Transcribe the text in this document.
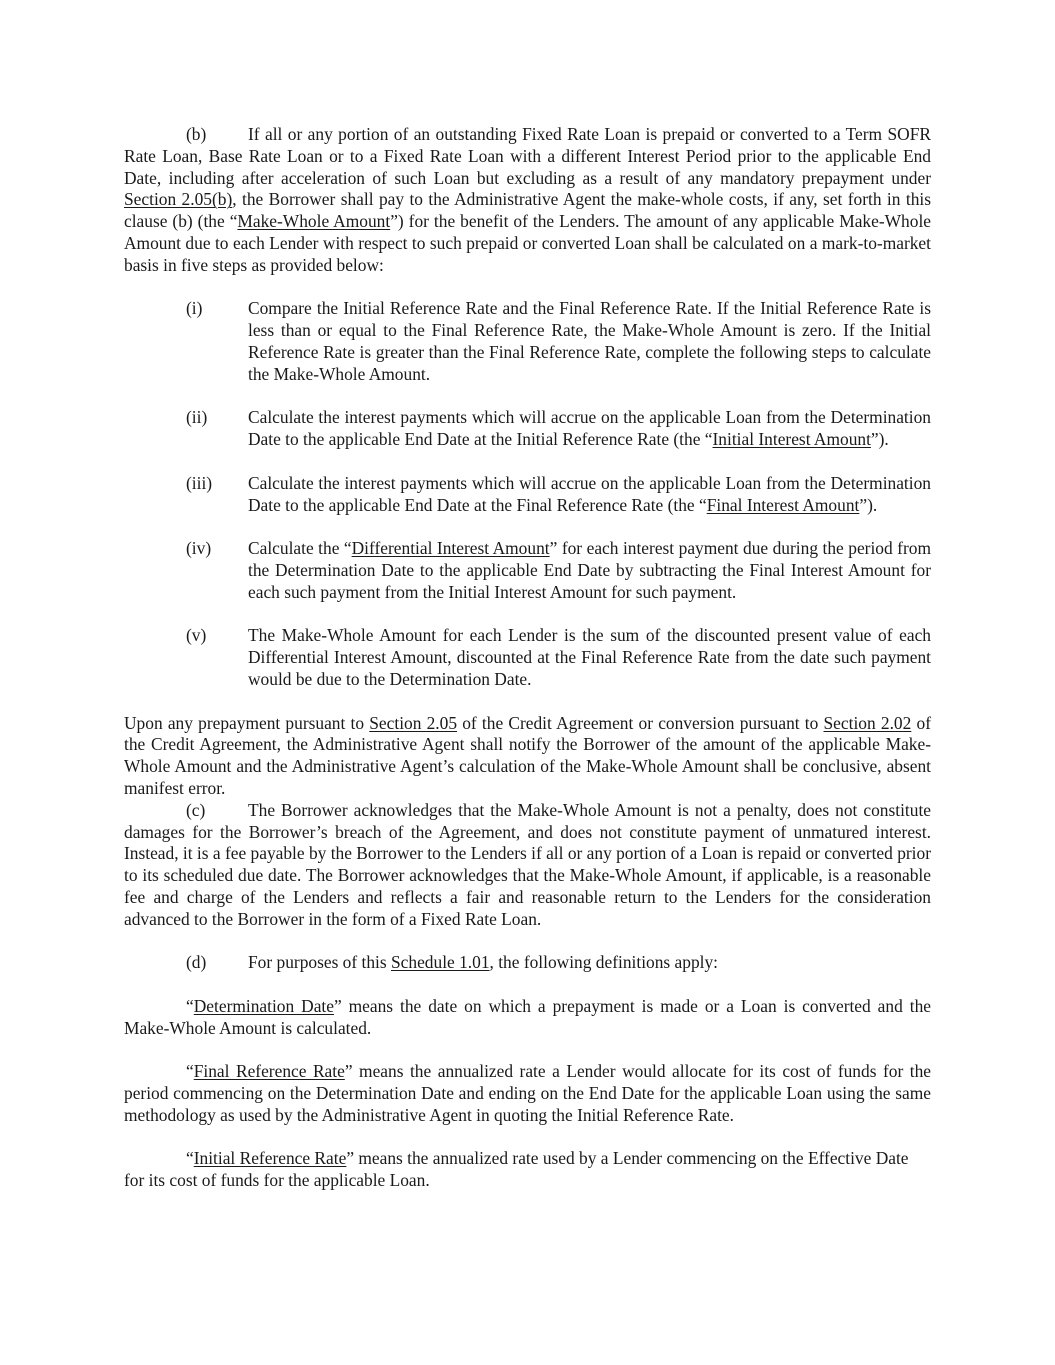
(b) If all or any portion of an outstanding Fixed Rate Loan is prepaid or converted to a Term SOFR Rate Loan, Base Rate Loan or to a Fixed Rate Loan with a different Interest Period prior to the applicable End Date, including after acceleration of such Loan but excluding as a result of any mandatory prepayment under Section 2.05(b), the Borrower shall pay to the Administrative Agent the make-whole costs, if any, set forth in this clause (b) (the “Make-Whole Amount”) for the benefit of the Lenders. The amount of any applicable Make-Whole Amount due to each Lender with respect to such prepaid or converted Loan shall be calculated on a mark-to-market basis in five steps as provided below:

(i)	Compare the Initial Reference Rate and the Final Reference Rate. If the Initial Reference Rate is less than or equal to the Final Reference Rate, the Make-Whole Amount is zero. If the Initial Reference Rate is greater than the Final Reference Rate, complete the following steps to calculate the Make-Whole Amount.
(ii)	Calculate the interest payments which will accrue on the applicable Loan from the Determination Date to the applicable End Date at the Initial Reference Rate (the “Initial Interest Amount”).
(iii)	Calculate the interest payments which will accrue on the applicable Loan from the Determination Date to the applicable End Date at the Final Reference Rate (the “Final Interest Amount”).
(iv)	Calculate the “Differential Interest Amount” for each interest payment due during the period from the Determination Date to the applicable End Date by subtracting the Final Interest Amount for each such payment from the Initial Interest Amount for such payment.
(v)	The Make-Whole Amount for each Lender is the sum of the discounted present value of each Differential Interest Amount, discounted at the Final Reference Rate from the date such payment would be due to the Determination Date.

Upon any prepayment pursuant to Section 2.05 of the Credit Agreement or conversion pursuant to Section 2.02 of the Credit Agreement, the Administrative Agent shall notify the Borrower of the amount of the applicable Make-Whole Amount and the Administrative Agent’s calculation of the Make-Whole Amount shall be conclusive, absent manifest error.

(c) The Borrower acknowledges that the Make-Whole Amount is not a penalty, does not constitute damages for the Borrower’s breach of the Agreement, and does not constitute payment of unmatured interest. Instead, it is a fee payable by the Borrower to the Lenders if all or any portion of a Loan is repaid or converted prior to its scheduled due date. The Borrower acknowledges that the Make-Whole Amount, if applicable, is a reasonable fee and charge of the Lenders and reflects a fair and reasonable return to the Lenders for the consideration advanced to the Borrower in the form of a Fixed Rate Loan.

(d) For purposes of this Schedule 1.01, the following definitions apply:

“Determination Date” means the date on which a prepayment is made or a Loan is converted and the Make-Whole Amount is calculated.

“Final Reference Rate” means the annualized rate a Lender would allocate for its cost of funds for the period commencing on the Determination Date and ending on the End Date for the applicable Loan using the same methodology as used by the Administrative Agent in quoting the Initial Reference Rate.

“Initial Reference Rate” means the annualized rate used by a Lender commencing on the Effective Date for its cost of funds for the applicable Loan.
